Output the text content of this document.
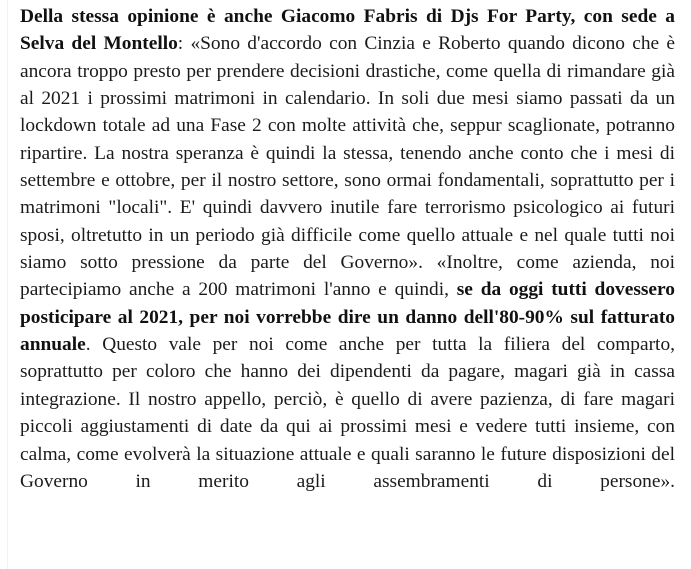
Della stessa opinione è anche Giacomo Fabris di Djs For Party, con sede a Selva del Montello: «Sono d'accordo con Cinzia e Roberto quando dicono che è ancora troppo presto per prendere decisioni drastiche, come quella di rimandare già al 2021 i prossimi matrimoni in calendario. In soli due mesi siamo passati da un lockdown totale ad una Fase 2 con molte attività che, seppur scaglionate, potranno ripartire. La nostra speranza è quindi la stessa, tenendo anche conto che i mesi di settembre e ottobre, per il nostro settore, sono ormai fondamentali, soprattutto per i matrimoni "locali". E' quindi davvero inutile fare terrorismo psicologico ai futuri sposi, oltretutto in un periodo già difficile come quello attuale e nel quale tutti noi siamo sotto pressione da parte del Governo». «Inoltre, come azienda, noi partecipiamo anche a 200 matrimoni l'anno e quindi, se da oggi tutti dovessero posticipare al 2021, per noi vorrebbe dire un danno dell'80-90% sul fatturato annuale. Questo vale per noi come anche per tutta la filiera del comparto, soprattutto per coloro che hanno dei dipendenti da pagare, magari già in cassa integrazione. Il nostro appello, perciò, è quello di avere pazienza, di fare magari piccoli aggiustamenti di date da qui ai prossimi mesi e vedere tutti insieme, con calma, come evolverà la situazione attuale e quali saranno le future disposizioni del Governo in merito agli assembramenti di persone».
